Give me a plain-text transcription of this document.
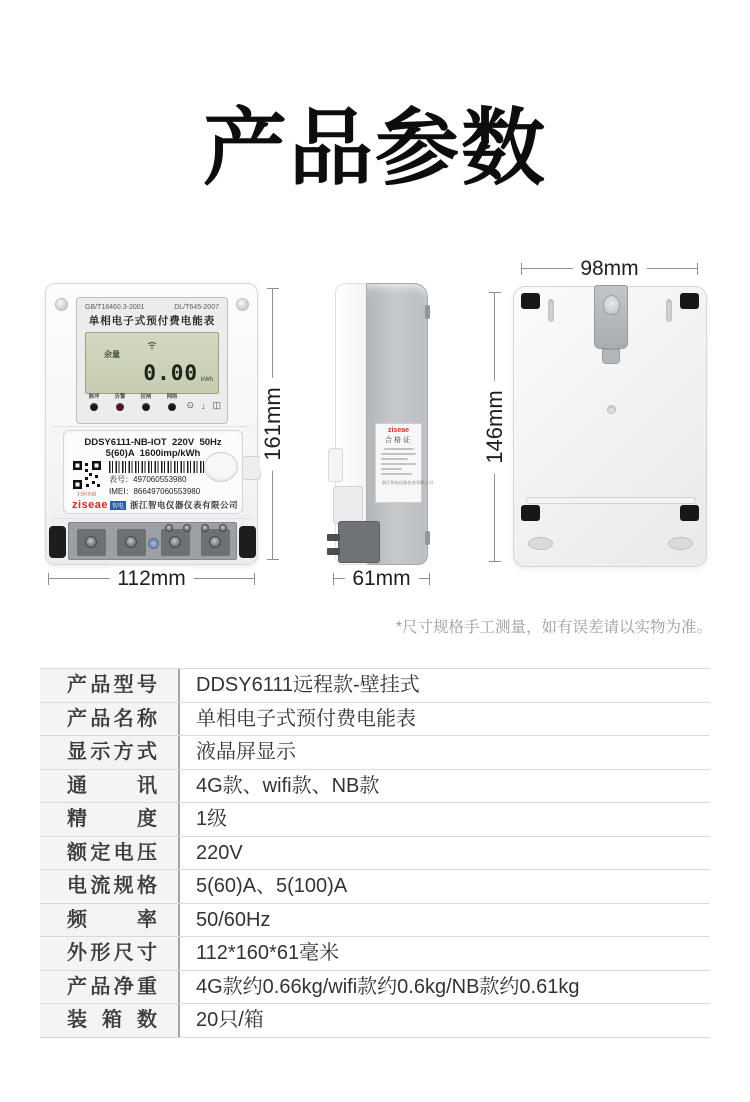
产品参数
GB/T18460.3-2001	DL/T645-2007
单相电子式预付费电能表
余量
0.00 kWh
脉冲	告警	拉闸	网络
⊙ ↓ ◫
DDSY6111-NB-IOT  220V  50Hz
5(60)A  1600imp/kWh
扫码充值
表号：497060553980
IMEI：866497060553980
ziseae 智电 浙江智电仪器仪表有限公司
161mm
112mm
ziseae
合格证
浙江智电仪器仪表有限公司
61mm
98mm
146mm
*尺寸规格手工测量，如有误差请以实物为准。
产品型号	DDSY6111远程款-壁挂式
产品名称	单相电子式预付费电能表
显示方式	液晶屏显示
通讯	4G款、wifi款、NB款
精度	1级
额定电压	220V
电流规格	5(60)A、5(100)A
频率	50/60Hz
外形尺寸	112*160*61毫米
产品净重	4G款约0.66kg/wifi款约0.6kg/NB款约0.61kg
装箱数	20只/箱
